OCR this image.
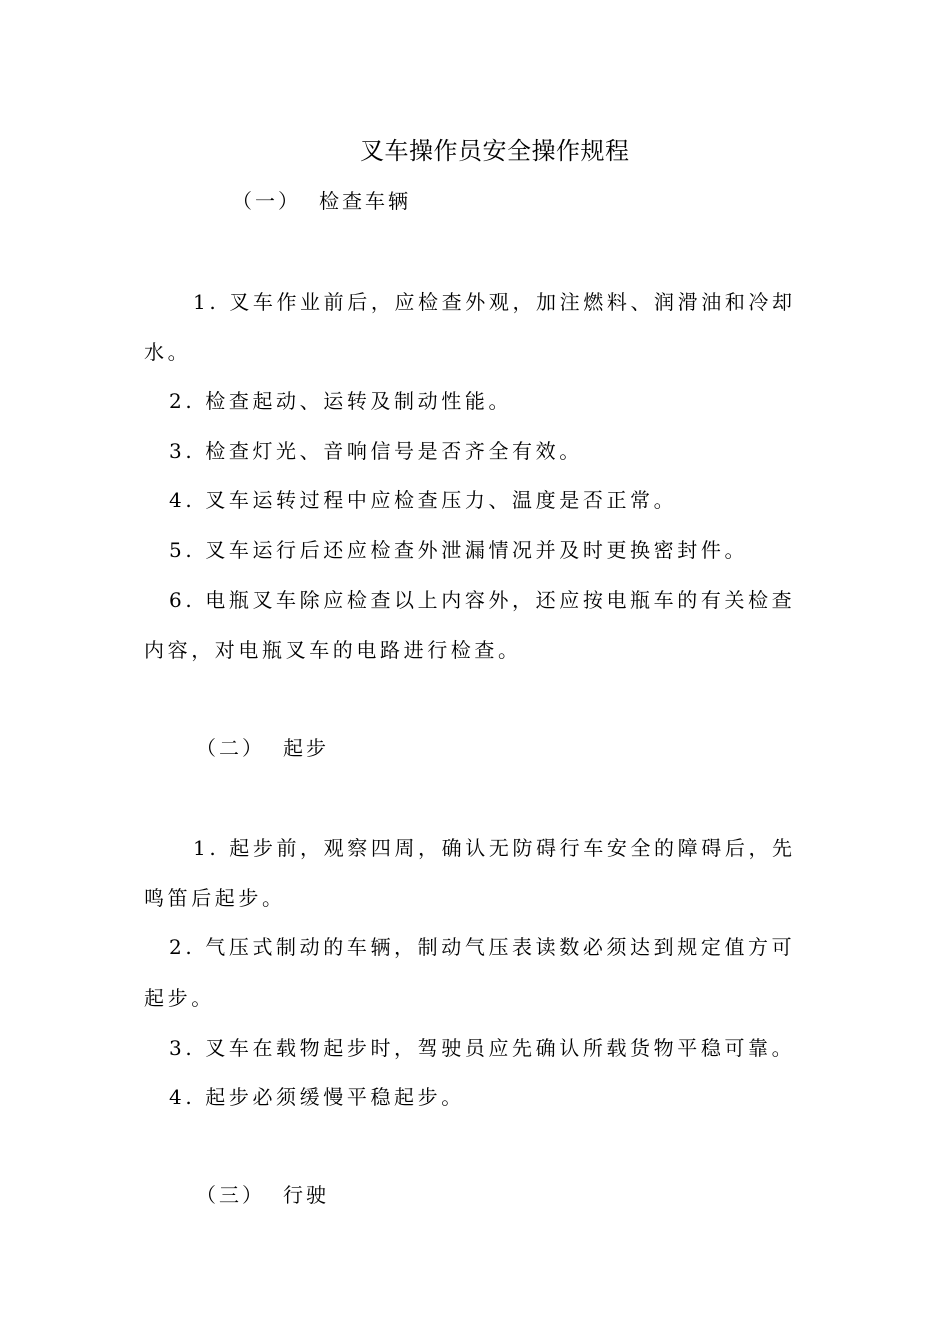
叉车操作员安全操作规程
（一） 检查车辆
1. 叉车作业前后，应检查外观，加注燃料、润滑油和冷却
水。
2. 检查起动、运转及制动性能。
3. 检查灯光、音响信号是否齐全有效。
4. 叉车运转过程中应检查压力、温度是否正常。
5. 叉车运行后还应检查外泄漏情况并及时更换密封件。
6. 电瓶叉车除应检查以上内容外，还应按电瓶车的有关检查
内容，对电瓶叉车的电路进行检查。
（二） 起步
1. 起步前，观察四周，确认无防碍行车安全的障碍后，先
鸣笛后起步。
2. 气压式制动的车辆，制动气压表读数必须达到规定值方可
起步。
3. 叉车在载物起步时，驾驶员应先确认所载货物平稳可靠。
4. 起步必须缓慢平稳起步。
（三） 行驶
